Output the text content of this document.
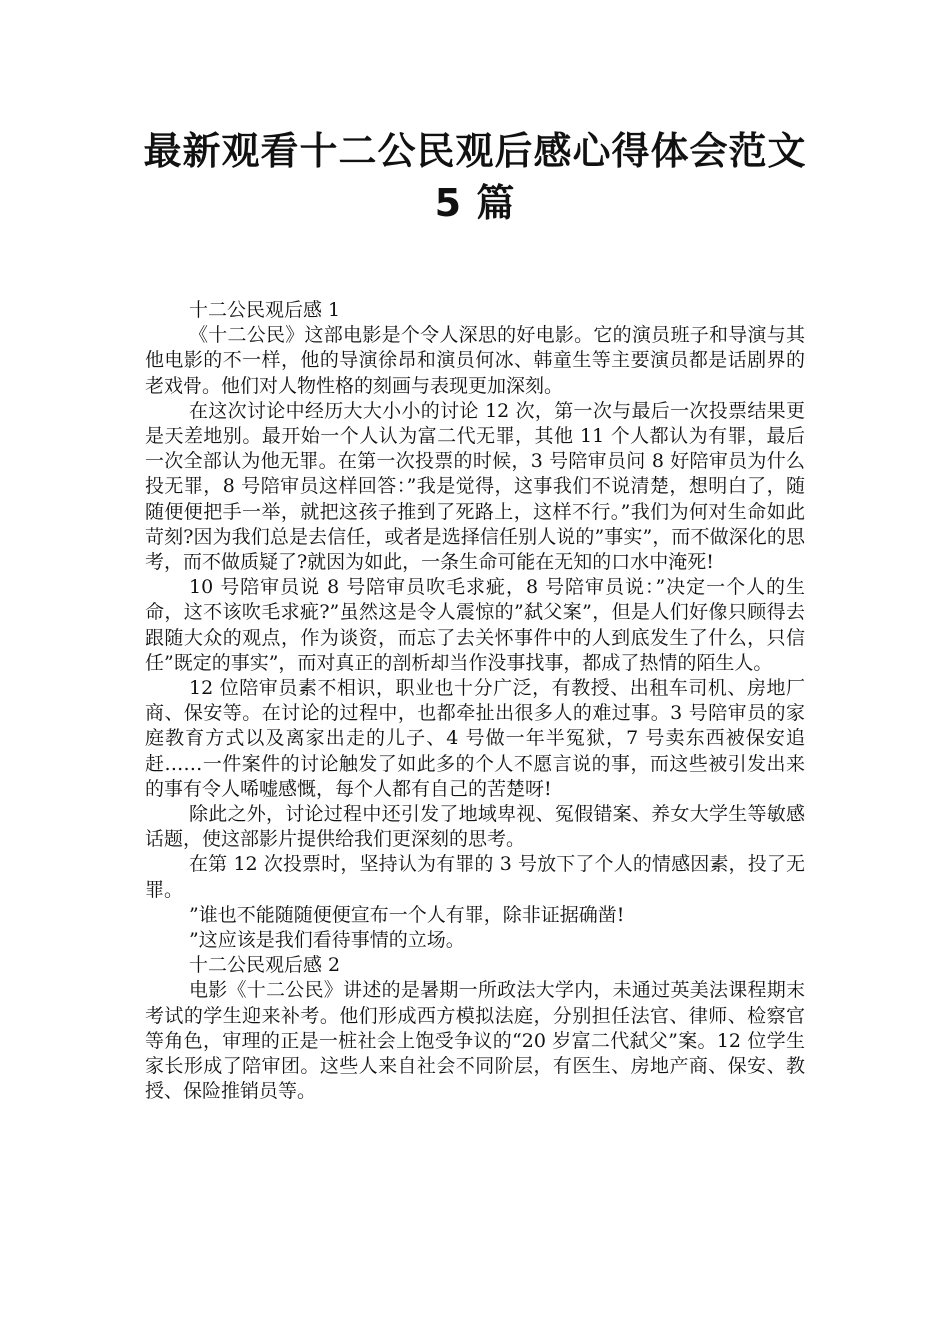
最新观看十二公民观后感心得体会范文
5 篇

十二公民观后感 1

《十二公民》这部电影是个令人深思的好电影。它的演员班子和导演与其他电影的不一样，他的导演徐昂和演员何冰、韩童生等主要演员都是话剧界的老戏骨。他们对人物性格的刻画与表现更加深刻。

在这次讨论中经历大大小小的讨论 12 次，第一次与最后一次投票结果更是天差地别。最开始一个人认为富二代无罪，其他 11 个人都认为有罪，最后一次全部认为他无罪。在第一次投票的时候，3 号陪审员问 8 好陪审员为什么投无罪，8 号陪审员这样回答：”我是觉得，这事我们不说清楚，想明白了，随随便便把手一举，就把这孩子推到了死路上，这样不行。”我们为何对生命如此苛刻?因为我们总是去信任，或者是选择信任别人说的”事实”，而不做深化的思考，而不做质疑了?就因为如此，一条生命可能在无知的口水中淹死!

10 号陪审员说 8 号陪审员吹毛求疵，8 号陪审员说：”决定一个人的生命，这不该吹毛求疵?”虽然这是令人震惊的”弑父案”，但是人们好像只顾得去跟随大众的观点，作为谈资，而忘了去关怀事件中的人到底发生了什么，只信任”既定的事实”，而对真正的剖析却当作没事找事，都成了热情的陌生人。

12 位陪审员素不相识，职业也十分广泛，有教授、出租车司机、房地厂商、保安等。在讨论的过程中，也都牵扯出很多人的难过事。3 号陪审员的家庭教育方式以及离家出走的儿子、4 号做一年半冤狱，7 号卖东西被保安追赶……一件案件的讨论触发了如此多的个人不愿言说的事，而这些被引发出来的事有令人唏嘘感慨，每个人都有自己的苦楚呀!

除此之外，讨论过程中还引发了地域卑视、冤假错案、养女大学生等敏感话题，使这部影片提供给我们更深刻的思考。

在第 12 次投票时，坚持认为有罪的 3 号放下了个人的情感因素，投了无罪。

”谁也不能随随便便宣布一个人有罪，除非证据确凿!

”这应该是我们看待事情的立场。

十二公民观后感 2

电影《十二公民》讲述的是暑期一所政法大学内，未通过英美法课程期末考试的学生迎来补考。他们形成西方模拟法庭，分别担任法官、律师、检察官等角色，审理的正是一桩社会上饱受争议的“20 岁富二代弑父”案。12 位学生家长形成了陪审团。这些人来自社会不同阶层，有医生、房地产商、保安、教授、保险推销员等。
